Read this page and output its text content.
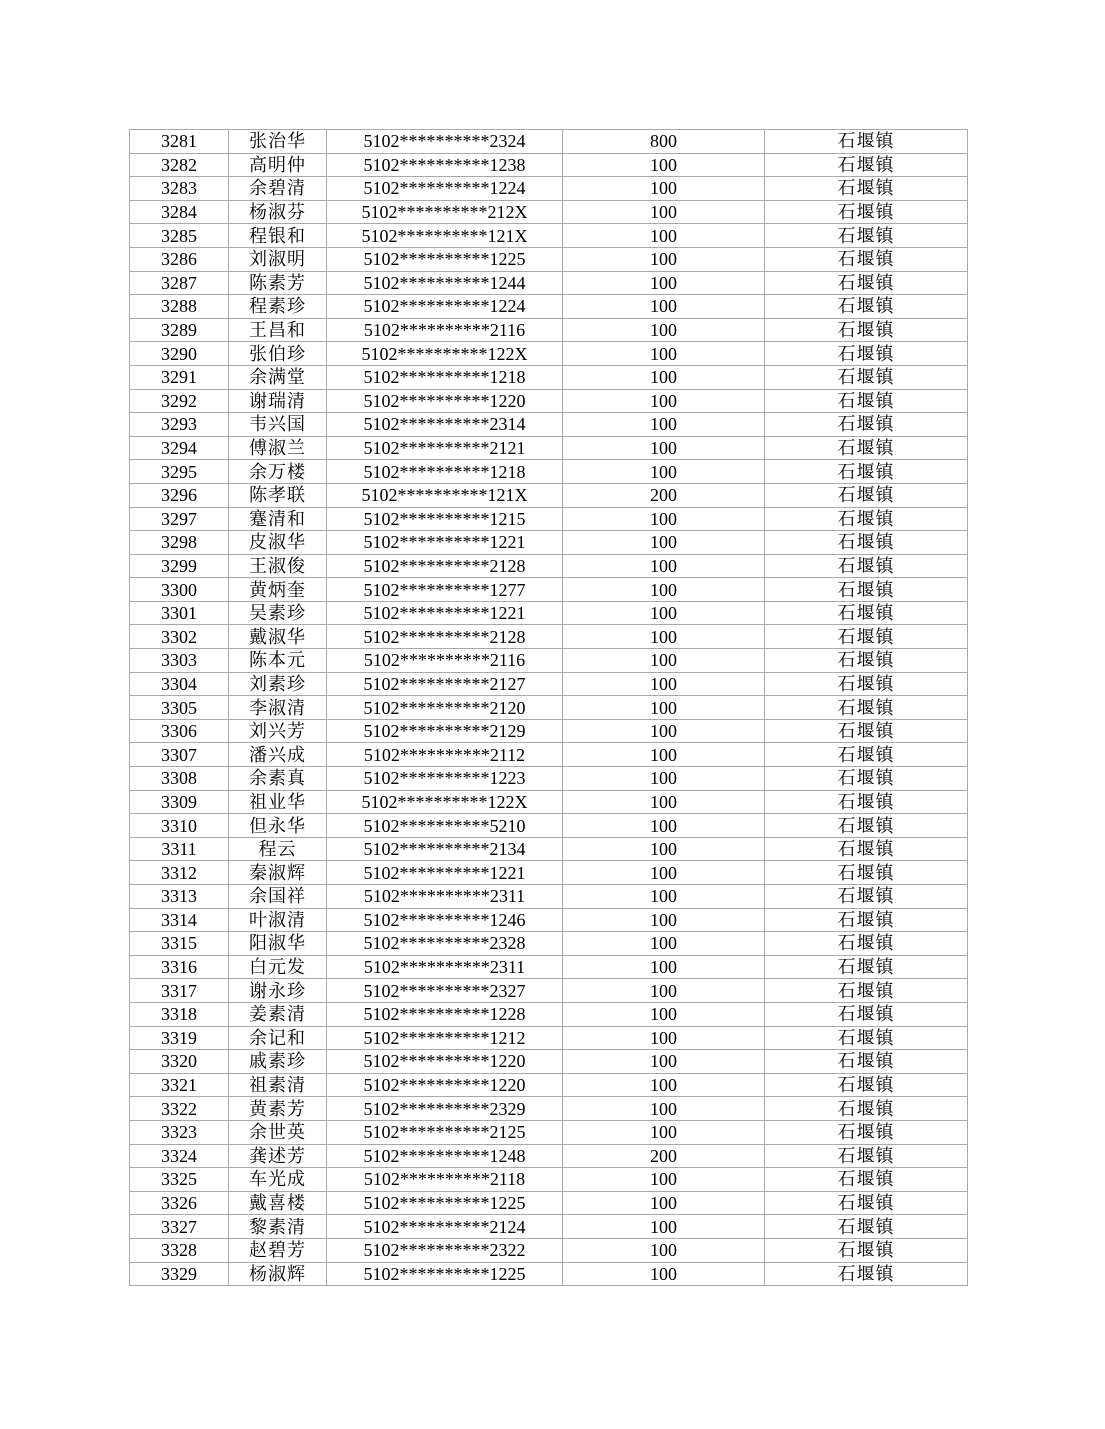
3281	张治华	5102**********2324	800	石堰镇
3282	高明仲	5102**********1238	100	石堰镇
3283	余碧清	5102**********1224	100	石堰镇
3284	杨淑芬	5102**********212X	100	石堰镇
3285	程银和	5102**********121X	100	石堰镇
3286	刘淑明	5102**********1225	100	石堰镇
3287	陈素芳	5102**********1244	100	石堰镇
3288	程素珍	5102**********1224	100	石堰镇
3289	王昌和	5102**********2116	100	石堰镇
3290	张伯珍	5102**********122X	100	石堰镇
3291	余满堂	5102**********1218	100	石堰镇
3292	谢瑞清	5102**********1220	100	石堰镇
3293	韦兴国	5102**********2314	100	石堰镇
3294	傅淑兰	5102**********2121	100	石堰镇
3295	余万楼	5102**********1218	100	石堰镇
3296	陈孝联	5102**********121X	200	石堰镇
3297	蹇清和	5102**********1215	100	石堰镇
3298	皮淑华	5102**********1221	100	石堰镇
3299	王淑俊	5102**********2128	100	石堰镇
3300	黄炳奎	5102**********1277	100	石堰镇
3301	吴素珍	5102**********1221	100	石堰镇
3302	戴淑华	5102**********2128	100	石堰镇
3303	陈本元	5102**********2116	100	石堰镇
3304	刘素珍	5102**********2127	100	石堰镇
3305	李淑清	5102**********2120	100	石堰镇
3306	刘兴芳	5102**********2129	100	石堰镇
3307	潘兴成	5102**********2112	100	石堰镇
3308	余素真	5102**********1223	100	石堰镇
3309	祖业华	5102**********122X	100	石堰镇
3310	但永华	5102**********5210	100	石堰镇
3311	程云	5102**********2134	100	石堰镇
3312	秦淑辉	5102**********1221	100	石堰镇
3313	余国祥	5102**********2311	100	石堰镇
3314	叶淑清	5102**********1246	100	石堰镇
3315	阳淑华	5102**********2328	100	石堰镇
3316	白元发	5102**********2311	100	石堰镇
3317	谢永珍	5102**********2327	100	石堰镇
3318	姜素清	5102**********1228	100	石堰镇
3319	余记和	5102**********1212	100	石堰镇
3320	戚素珍	5102**********1220	100	石堰镇
3321	祖素清	5102**********1220	100	石堰镇
3322	黄素芳	5102**********2329	100	石堰镇
3323	余世英	5102**********2125	100	石堰镇
3324	龚述芳	5102**********1248	200	石堰镇
3325	车光成	5102**********2118	100	石堰镇
3326	戴喜楼	5102**********1225	100	石堰镇
3327	黎素清	5102**********2124	100	石堰镇
3328	赵碧芳	5102**********2322	100	石堰镇
3329	杨淑辉	5102**********1225	100	石堰镇
